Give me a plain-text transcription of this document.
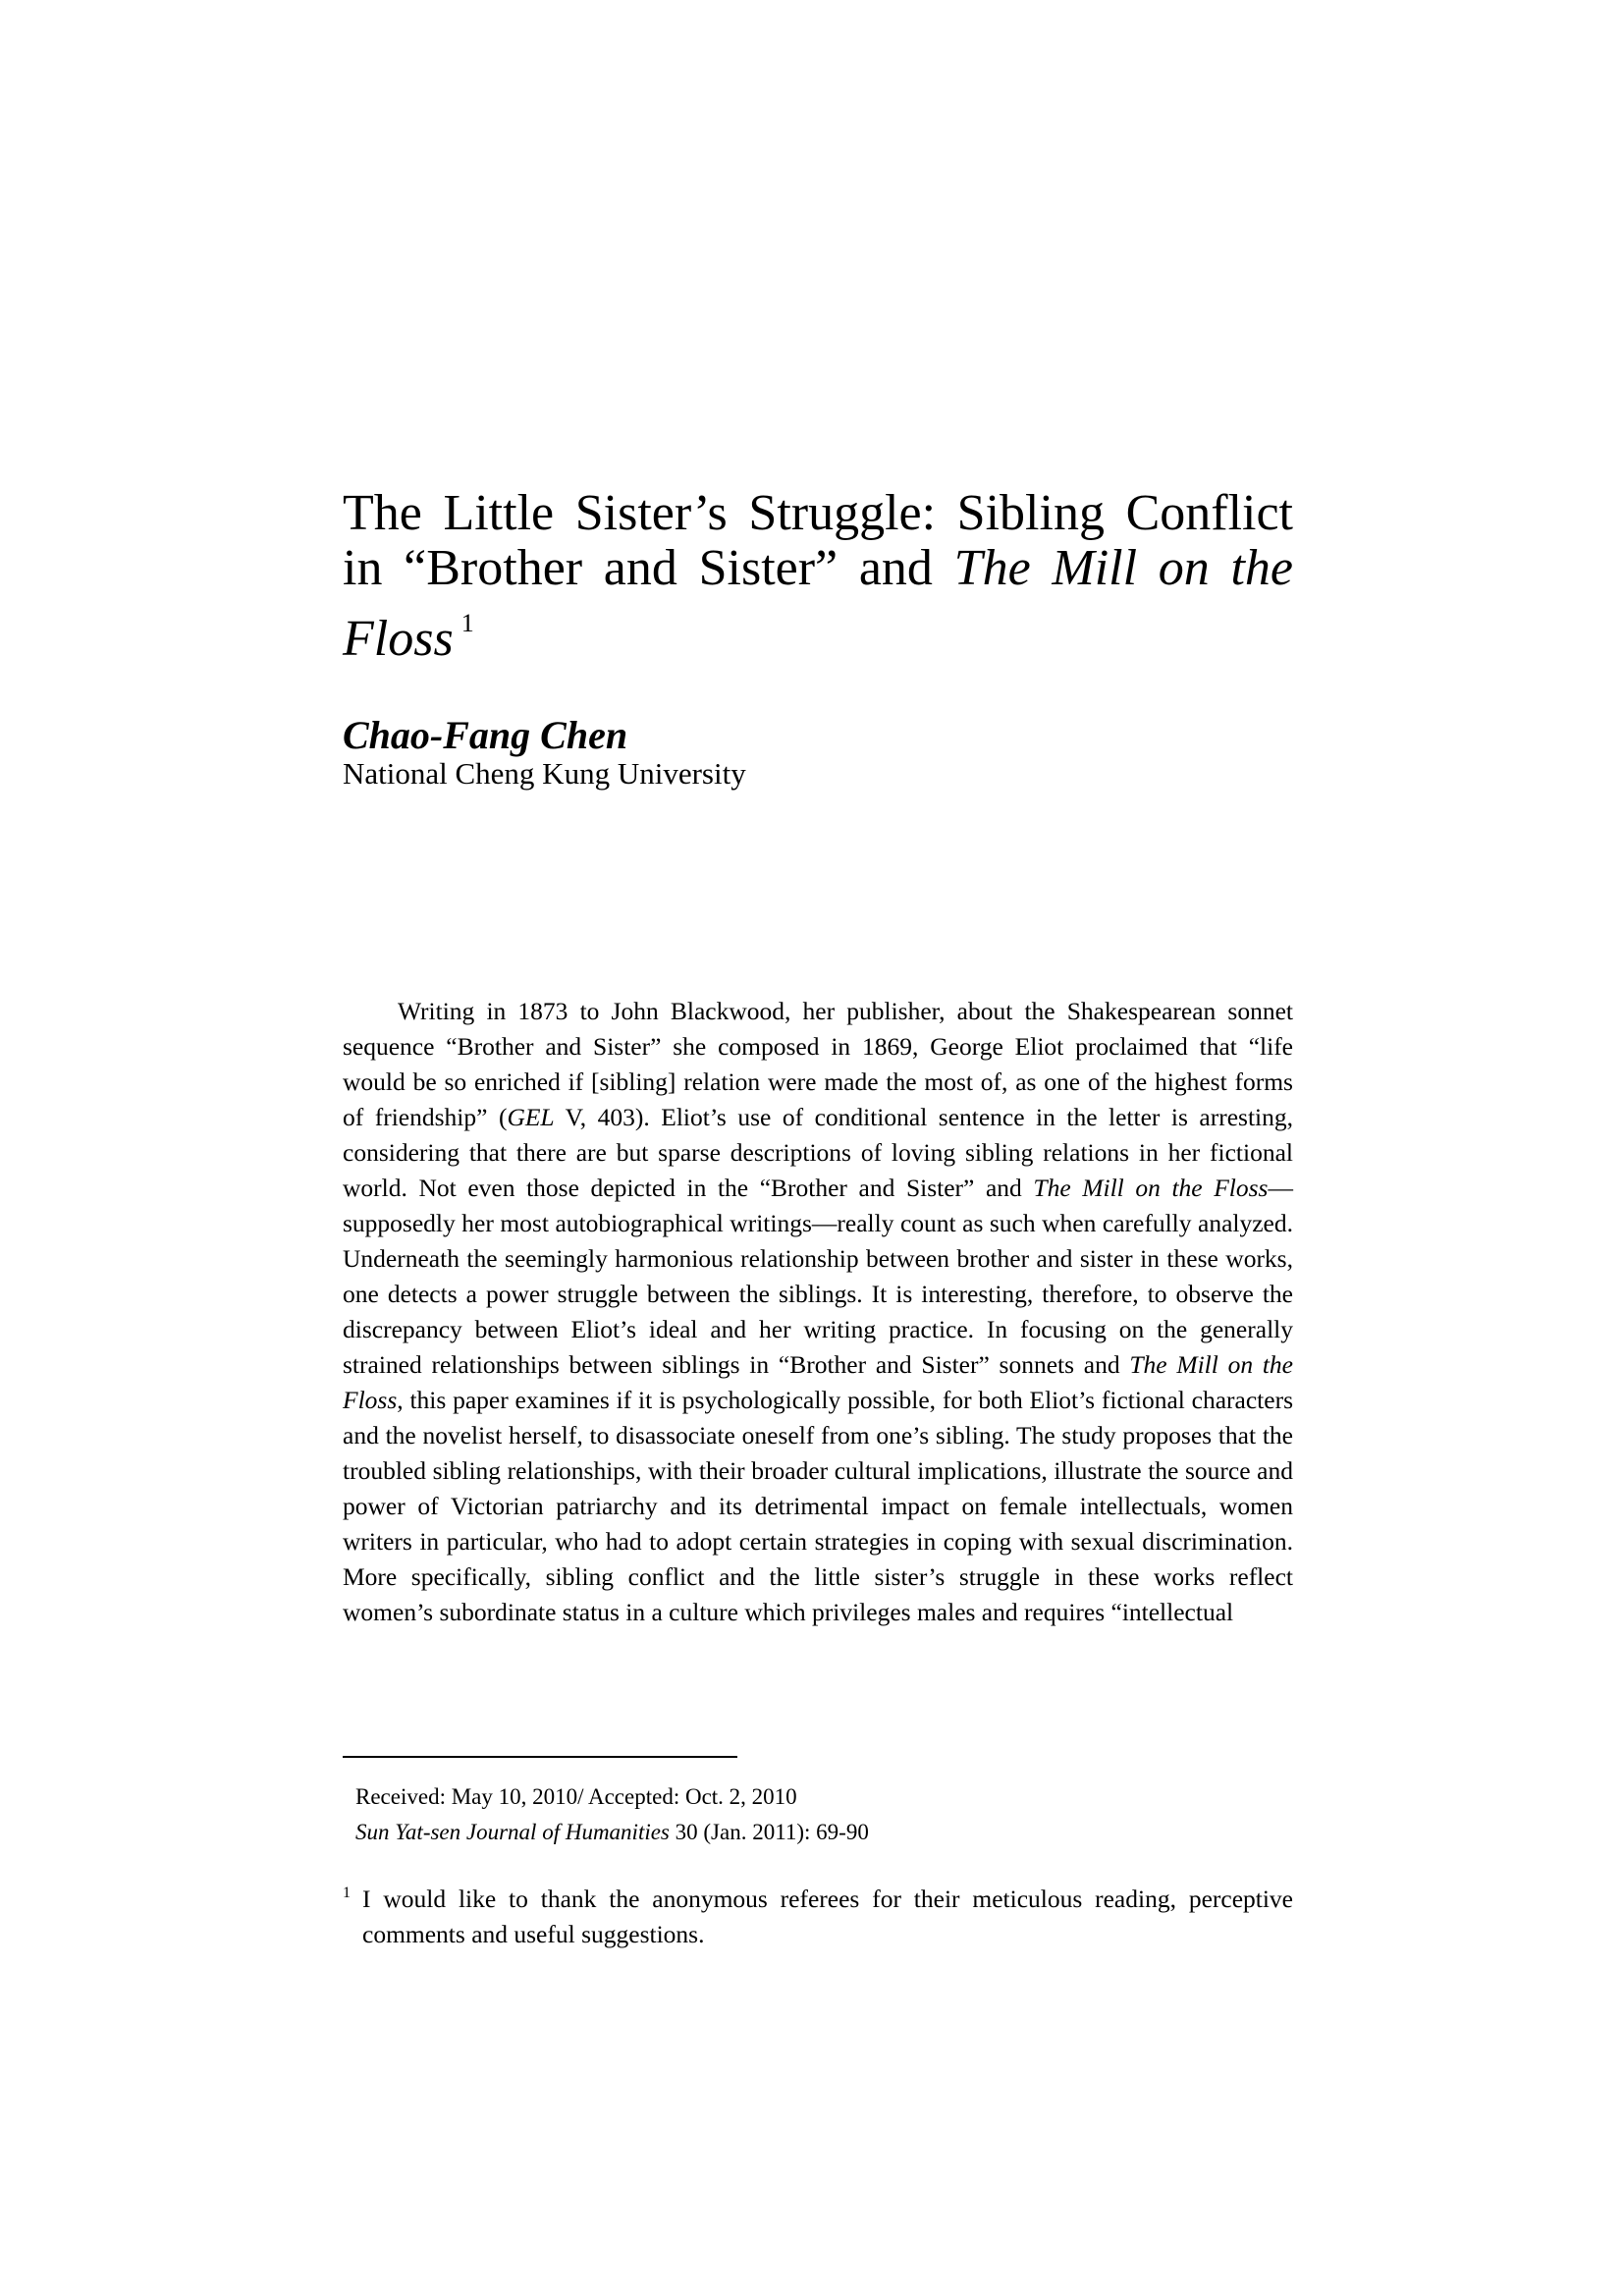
The Little Sister’s Struggle: Sibling Conflict
in “Brother and Sister” and The Mill on the
Floss $^1$

Chao-Fang Chen

National Cheng Kung University

Writing in 1873 to John Blackwood, her publisher, about the Shakespearean sonnet sequence “Brother and Sister” she composed in 1869, George Eliot proclaimed that “life would be so enriched if [sibling] relation were made the most of, as one of the highest forms of friendship” (GEL V, 403). Eliot’s use of conditional sentence in the letter is arresting, considering that there are but sparse descriptions of loving sibling relations in her fictional world. Not even those depicted in the “Brother and Sister” and The Mill on the Floss—supposedly her most autobiographical writings—really count as such when carefully analyzed. Underneath the seemingly harmonious relationship between brother and sister in these works, one detects a power struggle between the siblings. It is interesting, therefore, to observe the discrepancy between Eliot’s ideal and her writing practice. In focusing on the generally strained relationships between siblings in “Brother and Sister” sonnets and The Mill on the Floss, this paper examines if it is psychologically possible, for both Eliot’s fictional characters and the novelist herself, to disassociate oneself from one’s sibling. The study proposes that the troubled sibling relationships, with their broader cultural implications, illustrate the source and power of Victorian patriarchy and its detrimental impact on female intellectuals, women writers in particular, who had to adopt certain strategies in coping with sexual discrimination. More specifically, sibling conflict and the little sister’s struggle in these works reflect women’s subordinate status in a culture which privileges males and requires “intellectual

Received: May 10, 2010/ Accepted: Oct. 2, 2010

Sun Yat-sen Journal of Humanities 30 (Jan. 2011): 69-90

1 I would like to thank the anonymous referees for their meticulous reading, perceptive comments and useful suggestions.
